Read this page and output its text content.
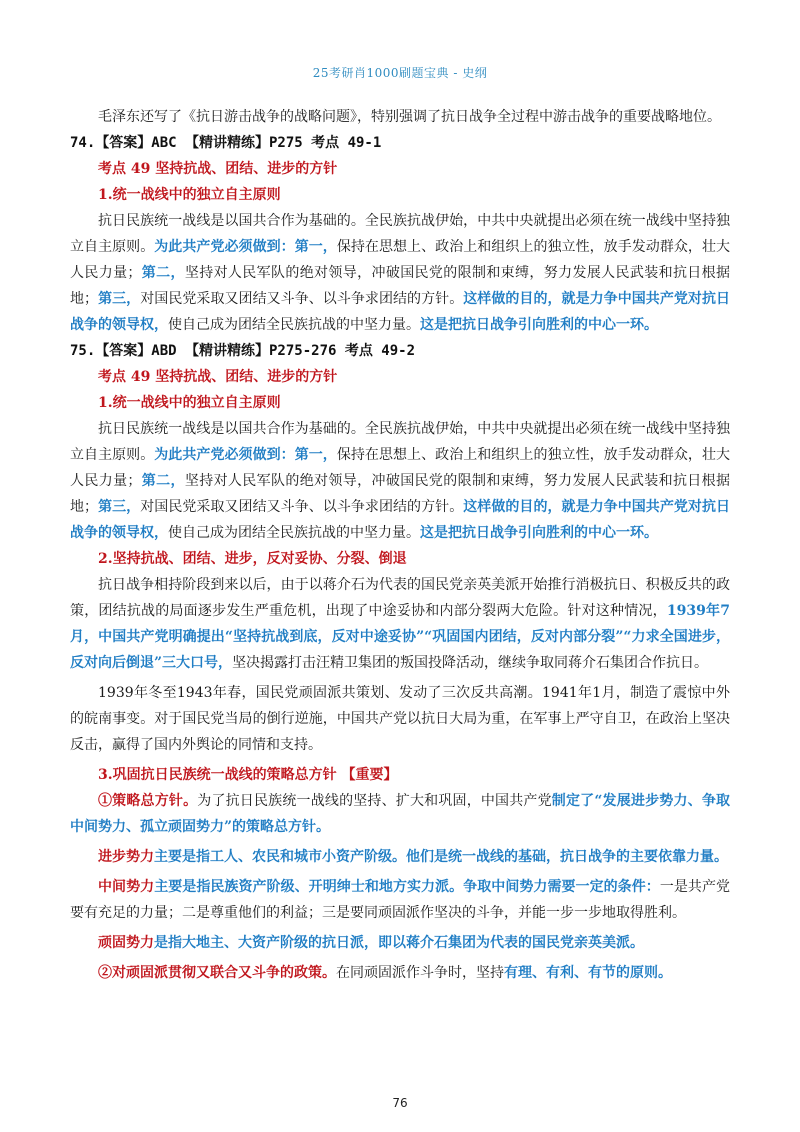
25考研肖1000刷题宝典 - 史纲

毛泽东还写了《抗日游击战争的战略问题》，特别强调了抗日战争全过程中游击战争的重要战略地位。

74.【答案】ABC 【精讲精练】P275 考点 49-1

考点 49 坚持抗战、团结、进步的方针

1.统一战线中的独立自主原则

抗日民族统一战线是以国共合作为基础的。全民族抗战伊始，中共中央就提出必须在统一战线中坚持独立自主原则。为此共产党必须做到：第一，保持在思想上、政治上和组织上的独立性，放手发动群众，壮大人民力量；第二，坚持对人民军队的绝对领导，冲破国民党的限制和束缚，努力发展人民武装和抗日根据地；第三，对国民党采取又团结又斗争、以斗争求团结的方针。这样做的目的，就是力争中国共产党对抗日战争的领导权，使自己成为团结全民族抗战的中坚力量。这是把抗日战争引向胜利的中心一环。

75.【答案】ABD 【精讲精练】P275-276 考点 49-2

考点 49 坚持抗战、团结、进步的方针

1.统一战线中的独立自主原则

抗日民族统一战线是以国共合作为基础的。全民族抗战伊始，中共中央就提出必须在统一战线中坚持独立自主原则。为此共产党必须做到：第一，保持在思想上、政治上和组织上的独立性，放手发动群众，壮大人民力量；第二，坚持对人民军队的绝对领导，冲破国民党的限制和束缚，努力发展人民武装和抗日根据地；第三，对国民党采取又团结又斗争、以斗争求团结的方针。这样做的目的，就是力争中国共产党对抗日战争的领导权，使自己成为团结全民族抗战的中坚力量。这是把抗日战争引向胜利的中心一环。

2.坚持抗战、团结、进步，反对妥协、分裂、倒退

抗日战争相持阶段到来以后，由于以蒋介石为代表的国民党亲英美派开始推行消极抗日、积极反共的政策，团结抗战的局面逐步发生严重危机，出现了中途妥协和内部分裂两大危险。针对这种情况，1939年7月，中国共产党明确提出“坚持抗战到底，反对中途妥协”“巩固国内团结，反对内部分裂”“力求全国进步，反对向后倒退”三大口号，坚决揭露打击汪精卫集团的叛国投降活动，继续争取同蒋介石集团合作抗日。

1939年冬至1943年春，国民党顽固派共策划、发动了三次反共高潮。1941年1月，制造了震惊中外的皖南事变。对于国民党当局的倒行逆施，中国共产党以抗日大局为重，在军事上严守自卫，在政治上坚决反击，赢得了国内外舆论的同情和支持。

3.巩固抗日民族统一战线的策略总方针 【重要】

①策略总方针。为了抗日民族统一战线的坚持、扩大和巩固，中国共产党制定了“发展进步势力、争取中间势力、孤立顽固势力”的策略总方针。

进步势力主要是指工人、农民和城市小资产阶级。他们是统一战线的基础，抗日战争的主要依靠力量。

中间势力主要是指民族资产阶级、开明绅士和地方实力派。争取中间势力需要一定的条件：一是共产党要有充足的力量；二是尊重他们的利益；三是要同顽固派作坚决的斗争，并能一步一步地取得胜利。

顽固势力是指大地主、大资产阶级的抗日派，即以蒋介石集团为代表的国民党亲英美派。

②对顽固派贯彻又联合又斗争的政策。在同顽固派作斗争时，坚持有理、有利、有节的原则。

76
